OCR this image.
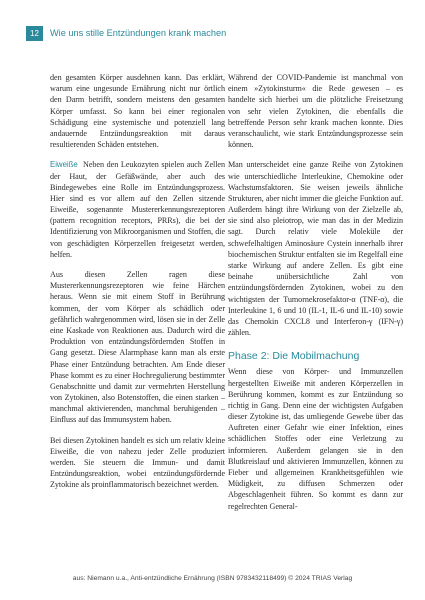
12	Wie uns stille Entzündungen krank machen

den gesamten Körper ausdehnen kann. Das erklärt, warum eine ungesunde Ernährung nicht nur örtlich den Darm betrifft, sondern meistens den gesamten Körper umfasst. So kann bei einer regionalen Schädigung eine systemische und potenziell lang andauernde Entzündungsreaktion mit daraus resultierenden Schäden entstehen.

Eiweiße Neben den Leukozyten spielen auch Zellen der Haut, der Gefäßwände, aber auch des Bindegewebes eine Rolle im Entzündungsprozess. Hier sind es vor allem auf den Zellen sitzende Eiweiße, sogenannte Mustererkennungsrezeptoren (pattern recognition receptors, PRRs), die bei der Identifizierung von Mikroorganismen und Stoffen, die von geschädigten Körperzellen freigesetzt werden, helfen.

Aus diesen Zellen ragen diese Mustererkennungsrezeptoren wie feine Härchen heraus. Wenn sie mit einem Stoff in Berührung kommen, der vom Körper als schädlich oder gefährlich wahrgenommen wird, lösen sie in der Zelle eine Kaskade von Reaktionen aus. Dadurch wird die Produktion von entzündungsfördernden Stoffen in Gang gesetzt. Diese Alarmphase kann man als erste Phase einer Entzündung betrachten. Am Ende dieser Phase kommt es zu einer Hochregulierung bestimmter Genabschnitte und damit zur vermehrten Herstellung von Zytokinen, also Botenstoffen, die einen starken – manchmal aktivierenden, manchmal beruhigenden – Einfluss auf das Immunsystem haben.

Bei diesen Zytokinen handelt es sich um relativ kleine Eiweiße, die von nahezu jeder Zelle produziert werden. Sie steuern die Immun- und damit Entzündungsreaktion, wobei entzündungsfördernde Zytokine als proinflammatorisch bezeichnet werden.

Während der COVID-Pandemie ist manchmal von einem »Zytokinsturm« die Rede gewesen – es handelte sich hierbei um die plötzliche Freisetzung von sehr vielen Zytokinen, die ebenfalls die betreffende Person sehr krank machen konnte. Dies veranschaulicht, wie stark Entzündungsprozesse sein können.

Man unterscheidet eine ganze Reihe von Zytokinen wie unterschiedliche Interleukine, Chemokine oder Wachstumsfaktoren. Sie weisen jeweils ähnliche Strukturen, aber nicht immer die gleiche Funktion auf. Außerdem hängt ihre Wirkung von der Zielzelle ab, sie sind also pleiotrop, wie man das in der Medizin sagt. Durch relativ viele Moleküle der schwefelhaltigen Aminosäure Cystein innerhalb ihrer biochemischen Struktur entfalten sie im Regelfall eine starke Wirkung auf andere Zellen. Es gibt eine beinahe unübersichtliche Zahl von entzündungsfördernden Zytokinen, wobei zu den wichtigsten der Tumornekrosefaktor-α (TNF-α), die Interleukine 1, 6 und 10 (IL-1, IL-6 und IL-10) sowie das Chemokin CXCL8 und Interferon-γ (IFN-γ) zählen.

Phase 2: Die Mobilmachung

Wenn diese von Körper- und Immunzellen hergestellten Eiweiße mit anderen Körperzellen in Berührung kommen, kommt es zur Entzündung so richtig in Gang. Denn eine der wichtigsten Aufgaben dieser Zytokine ist, das umliegende Gewebe über das Auftreten einer Gefahr wie einer Infektion, eines schädlichen Stoffes oder eine Verletzung zu informieren. Außerdem gelangen sie in den Blutkreislauf und aktivieren Immunzellen, können zu Fieber und allgemeinen Krankheitsgefühlen wie Müdigkeit, zu diffusen Schmerzen oder Abgeschlagenheit führen. So kommt es dann zur regelrechten General-

aus: Niemann u.a., Anti-entzündliche Ernährung (ISBN 9783432118499) © 2024 TRIAS Verlag
